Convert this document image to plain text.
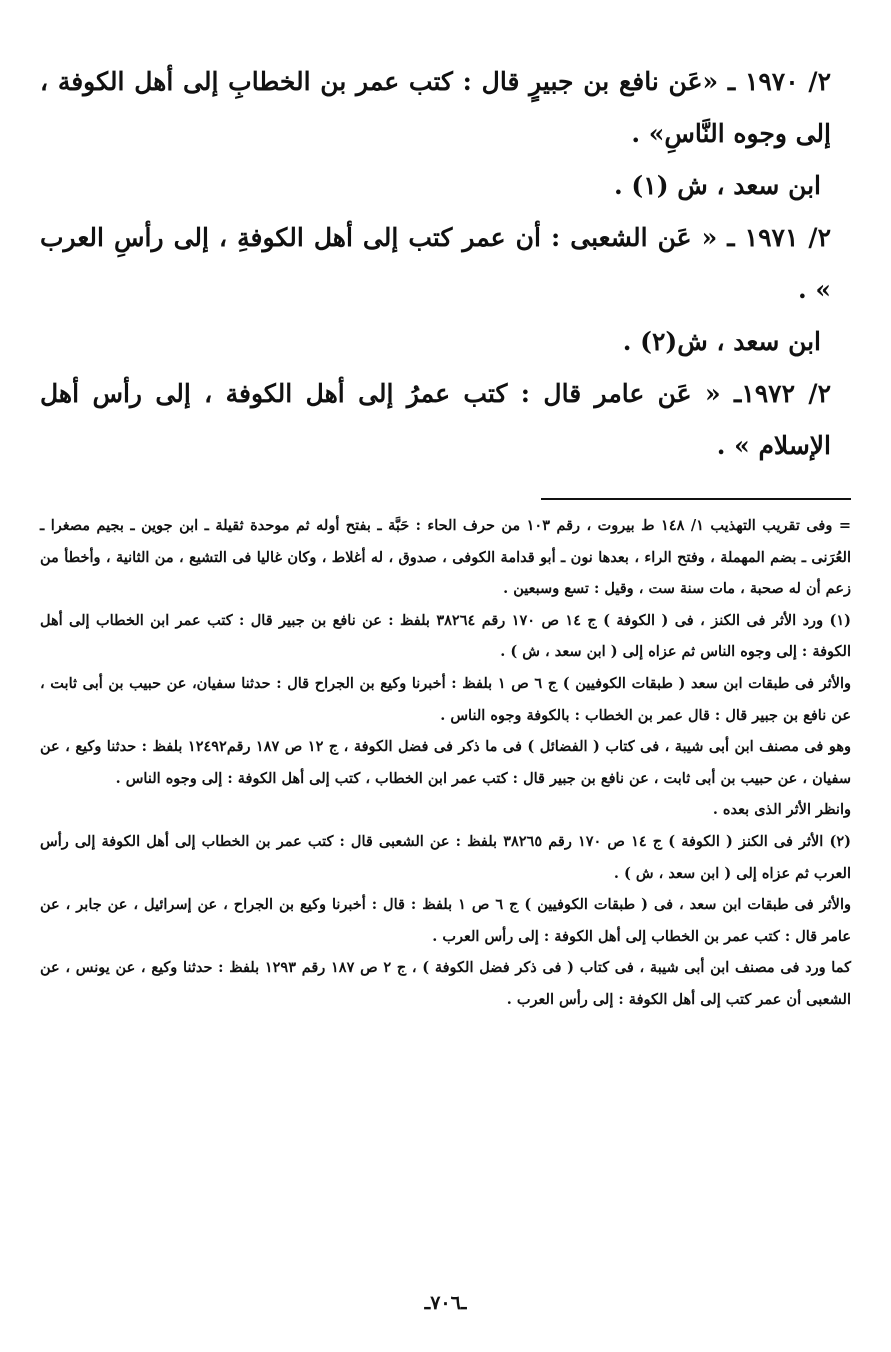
٢/ ١٩٧٠ ـ «عَن نافع بن جبيرٍ قال : كتب عمر بن الخطابِ إلى أهل الكوفة ، إلى وجوه النَّاسِ» .

ابن سعد ، ش (١) .

٢/ ١٩٧١ ـ « عَن الشعبى : أن عمر كتب إلى أهل الكوفةِ ، إلى رأسِ العرب » .

ابن سعد ، ش(٢) .

٢/ ١٩٧٢ـ « عَن عامر قال : كتب عمرُ إلى أهل الكوفة ، إلى رأس أهل الإسلام » .

= وفى تقريب التهذيب ١/ ١٤٨ ط بيروت ، رقم ١٠٣ من حرف الحاء : حَبَّة ـ بفتح أوله ثم موحدة ثقيلة ـ ابن جوين ـ بجيم مصغرا ـ العُرَنى ـ بضم المهملة ، وفتح الراء ، بعدها نون ـ أبو قدامة الكوفى ، صدوق ، له أغلاط ، وكان غاليا فى التشيع ، من الثانية ، وأخطأ من زعم أن له صحبة ، مات سنة ست ، وقيل : تسع وسبعين .

(١) ورد الأثر فى الكنز ، فى ( الكوفة ) ج ١٤ ص ١٧٠ رقم ٣٨٢٦٤ بلفظ : عن نافع بن جبير قال : كتب عمر ابن الخطاب إلى أهل الكوفة : إلى وجوه الناس ثم عزاه إلى ( ابن سعد ، ش ) .

والأثر فى طبقات ابن سعد ( طبقات الكوفيين ) ج ٦ ص ١ بلفظ : أخبرنا وكيع بن الجراح قال : حدثنا سفيان، عن حبيب بن أبى ثابت ، عن نافع بن جبير قال : قال عمر بن الخطاب : بالكوفة وجوه الناس .

وهو فى مصنف ابن أبى شيبة ، فى كتاب ( الفضائل ) فى ما ذكر فى فضل الكوفة ، ج ١٢ ص ١٨٧ رقم١٢٤٩٢ بلفظ : حدثنا وكيع ، عن سفيان ، عن حبيب بن أبى ثابت ، عن نافع بن جبير قال : كتب عمر ابن الخطاب ، كتب إلى أهل الكوفة : إلى وجوه الناس .

وانظر الأثر الذى بعده .

(٢) الأثر فى الكنز ( الكوفة ) ج ١٤ ص ١٧٠ رقم ٣٨٢٦٥ بلفظ : عن الشعبى قال : كتب عمر بن الخطاب إلى أهل الكوفة إلى رأس العرب ثم عزاه إلى ( ابن سعد ، ش ) .

والأثر فى طبقات ابن سعد ، فى ( طبقات الكوفيين ) ج ٦ ص ١ بلفظ : قال : أخبرنا وكيع بن الجراح ، عن إسرائيل ، عن جابر ، عن عامر قال : كتب عمر بن الخطاب إلى أهل الكوفة : إلى رأس العرب .

كما ورد فى مصنف ابن أبى شيبة ، فى كتاب ( فى ذكر فضل الكوفة ) ، ج ٢ ص ١٨٧ رقم ١٢٩٣ بلفظ : حدثنا وكيع ، عن يونس ، عن الشعبى أن عمر كتب إلى أهل الكوفة : إلى رأس العرب .

ـ٧٠٦ـ
